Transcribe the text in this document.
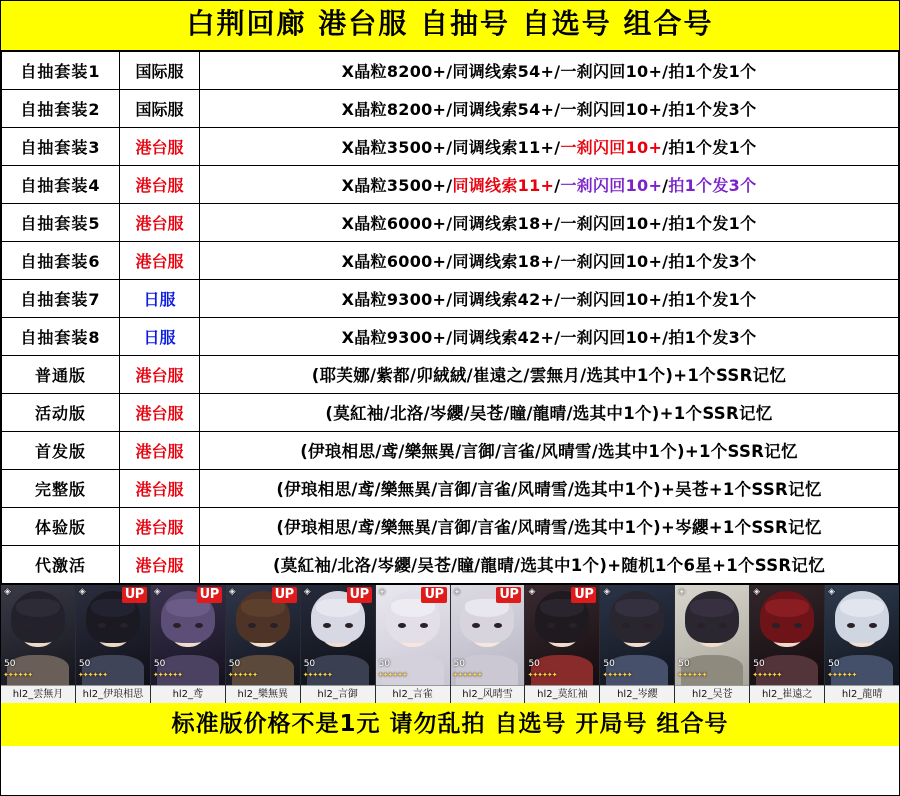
白荆回廊 港台服 自抽号 自选号 组合号
自抽套装1	国际服	X晶粒8200+/同调线索54+/一刹闪回10+/拍1个发1个
自抽套装2	国际服	X晶粒8200+/同调线索54+/一刹闪回10+/拍1个发3个
自抽套装3	港台服	X晶粒3500+/同调线索11+/一刹闪回10+/拍1个发1个
自抽套装4	港台服	X晶粒3500+/同调线索11+/一刹闪回10+/拍1个发3个
自抽套装5	港台服	X晶粒6000+/同调线索18+/一刹闪回10+/拍1个发1个
自抽套装6	港台服	X晶粒6000+/同调线索18+/一刹闪回10+/拍1个发3个
自抽套装7	日服	X晶粒9300+/同调线索42+/一刹闪回10+/拍1个发1个
自抽套装8	日服	X晶粒9300+/同调线索42+/一刹闪回10+/拍1个发3个
普通版	港台服	(耶芙娜/紫都/卯絨絨/崔遠之/雲無月/选其中1个)+1个SSR记忆
活动版	港台服	(莫紅袖/北洛/岑纓/吴苍/瞳/龍晴/选其中1个)+1个SSR记忆
首发版	港台服	(伊琅相思/鸢/樂無異/言御/言雀/风晴雪/选其中1个)+1个SSR记忆
完整版	港台服	(伊琅相思/鸢/樂無異/言御/言雀/风晴雪/选其中1个)+吴苍+1个SSR记忆
体验版	港台服	(伊琅相思/鸢/樂無異/言御/言雀/风晴雪/选其中1个)+岑纓+1个SSR记忆
代激活	港台服	(莫紅袖/北洛/岑纓/吴苍/瞳/龍晴/选其中1个)+随机1个6星+1个SSR记忆
◈
50
✦✦✦✦✦✦
hl2_雲無月
◈
50
✦✦✦✦✦✦
UP
hl2_伊琅相思
◈
50
✦✦✦✦✦✦
UP
hl2_鸢
◈
50
✦✦✦✦✦✦
UP
hl2_樂無異
◈
50
✦✦✦✦✦✦
UP
hl2_言御
◈
50
✦✦✦✦✦✦
UP
hl2_言雀
◈
50
✦✦✦✦✦✦
UP
hl2_风晴雪
◈
50
✦✦✦✦✦✦
UP
hl2_莫紅袖
◈
50
✦✦✦✦✦✦
hl2_岑纓
◈
50
✦✦✦✦✦✦
hl2_吴苍
◈
50
✦✦✦✦✦✦
hl2_崔遠之
◈
50
✦✦✦✦✦✦
hl2_龍晴
标准版价格不是1元 请勿乱拍 自选号 开局号 组合号
